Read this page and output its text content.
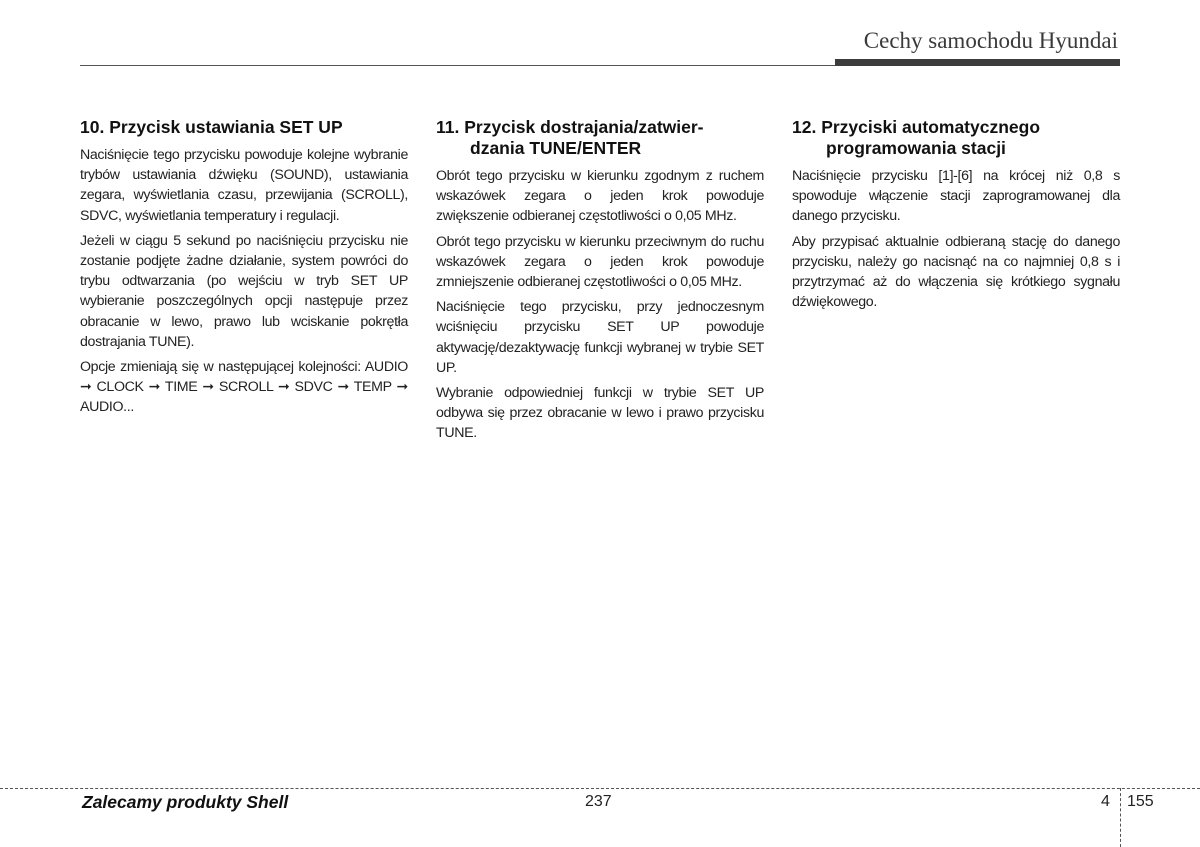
Cechy samochodu Hyundai
10. Przycisk ustawiania SET UP

Naciśnięcie tego przycisku powoduje kolejne wybranie trybów ustawiania dźwięku (SOUND), ustawiania zegara, wyświetlania czasu, przewijania (SCROLL), SDVC, wyświetlania temperatury i regulacji.

Jeżeli w ciągu 5 sekund po naciśnięciu przycisku nie zostanie podjęte żadne działanie, system powróci do trybu odtwarzania (po wejściu w tryb SET UP wybieranie poszczególnych opcji następuje przez obracanie w lewo, prawo lub wciskanie pokrętła dostrajania TUNE).

Opcje zmieniają się w następującej kolejności: AUDIO ➞ CLOCK ➞ TIME ➞ SCROLL ➞ SDVC ➞ TEMP ➞ AUDIO...

11. Przycisk dostrajania/zatwier-
dzania TUNE/ENTER

Obrót tego przycisku w kierunku zgodnym z ruchem wskazówek zegara o jeden krok powoduje zwiększenie odbieranej częstotliwości o 0,05 MHz.

Obrót tego przycisku w kierunku przeciwnym do ruchu wskazówek zegara o jeden krok powoduje zmniejszenie odbieranej częstotliwości o 0,05 MHz.

Naciśnięcie tego przycisku, przy jednoczesnym wciśnięciu przycisku SET UP powoduje aktywację/dezaktywację funkcji wybranej w trybie SET UP.

Wybranie odpowiedniej funkcji w trybie SET UP odbywa się przez obracanie w lewo i prawo przycisku TUNE.

12. Przyciski automatycznego
programowania stacji

Naciśnięcie przycisku [1]-[6] na krócej niż 0,8 s spowoduje włączenie stacji zaprogramowanej dla danego przycisku.

Aby przypisać aktualnie odbieraną stację do danego przycisku, należy go nacisnąć na co najmniej 0,8 s i przytrzymać aż do włączenia się krótkiego sygnału dźwiękowego.

Zalecamy produkty Shell	237	4 155
